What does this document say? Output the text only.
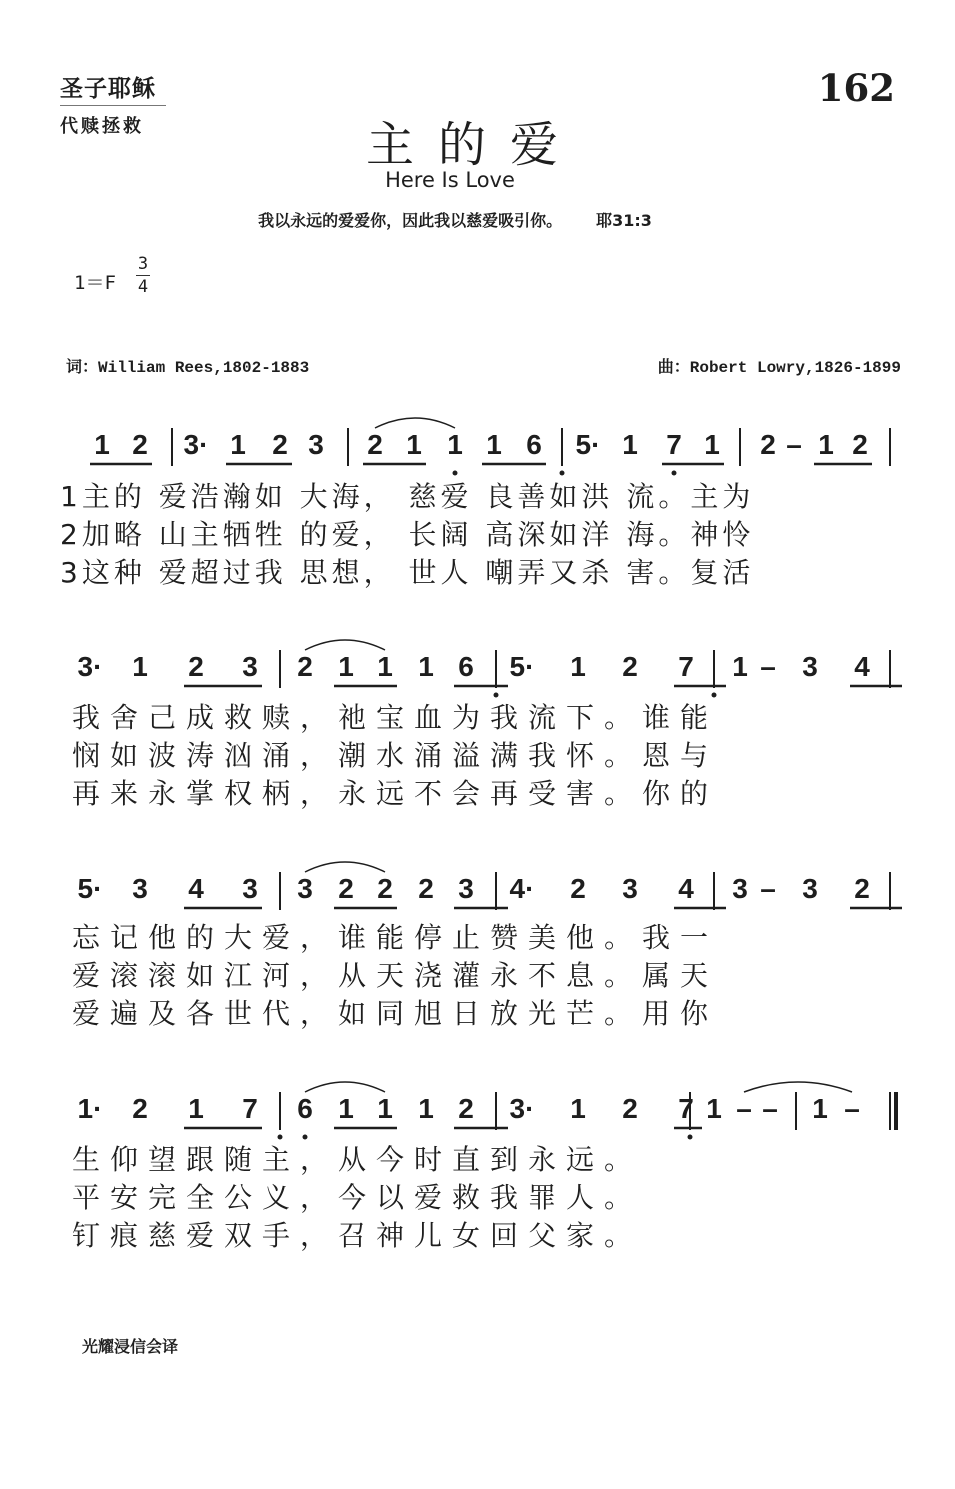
圣子耶稣
代赎拯救
162
主的爱
Here Is Love
我以永远的爱爱你，因此我以慈爱吸引你。 耶31:3
1＝F
3
4
词：William Rees,1802-1883	曲：Robert Lowry,1826-1899
1 2 3· 1 2 3 2 1 1 1 6 5· 1 7 1 2 – 1 2
3· 1 2 3 2 1 1 1 6 5· 1 2 7 1 – 3 4
5· 3 4 3 3 2 2 2 3 4· 2 3 4 3 – 3 2
1· 2 1 7 6 1 1 1 2 3· 1 2 7 1 – – 1 –
1主的 爱浩瀚如 大海， 慈爱 良善如洪 流。主为
2加略 山主牺牲 的爱， 长阔 高深如洋 海。神怜
3这种 爱超过我 思想， 世人 嘲弄又杀 害。复活
我舍己成救赎，祂宝血为我流下。谁能
悯如波涛汹涌，潮水涌溢满我怀。恩与
再来永掌权柄，永远不会再受害。你的
忘记他的大爱，谁能停止赞美他。我一
爱滚滚如江河，从天浇灌永不息。属天
爱遍及各世代，如同旭日放光芒。用你
生仰望跟随主，从今时直到永远。
平安完全公义，今以爱救我罪人。
钉痕慈爱双手，召神儿女回父家。
光耀浸信会译
